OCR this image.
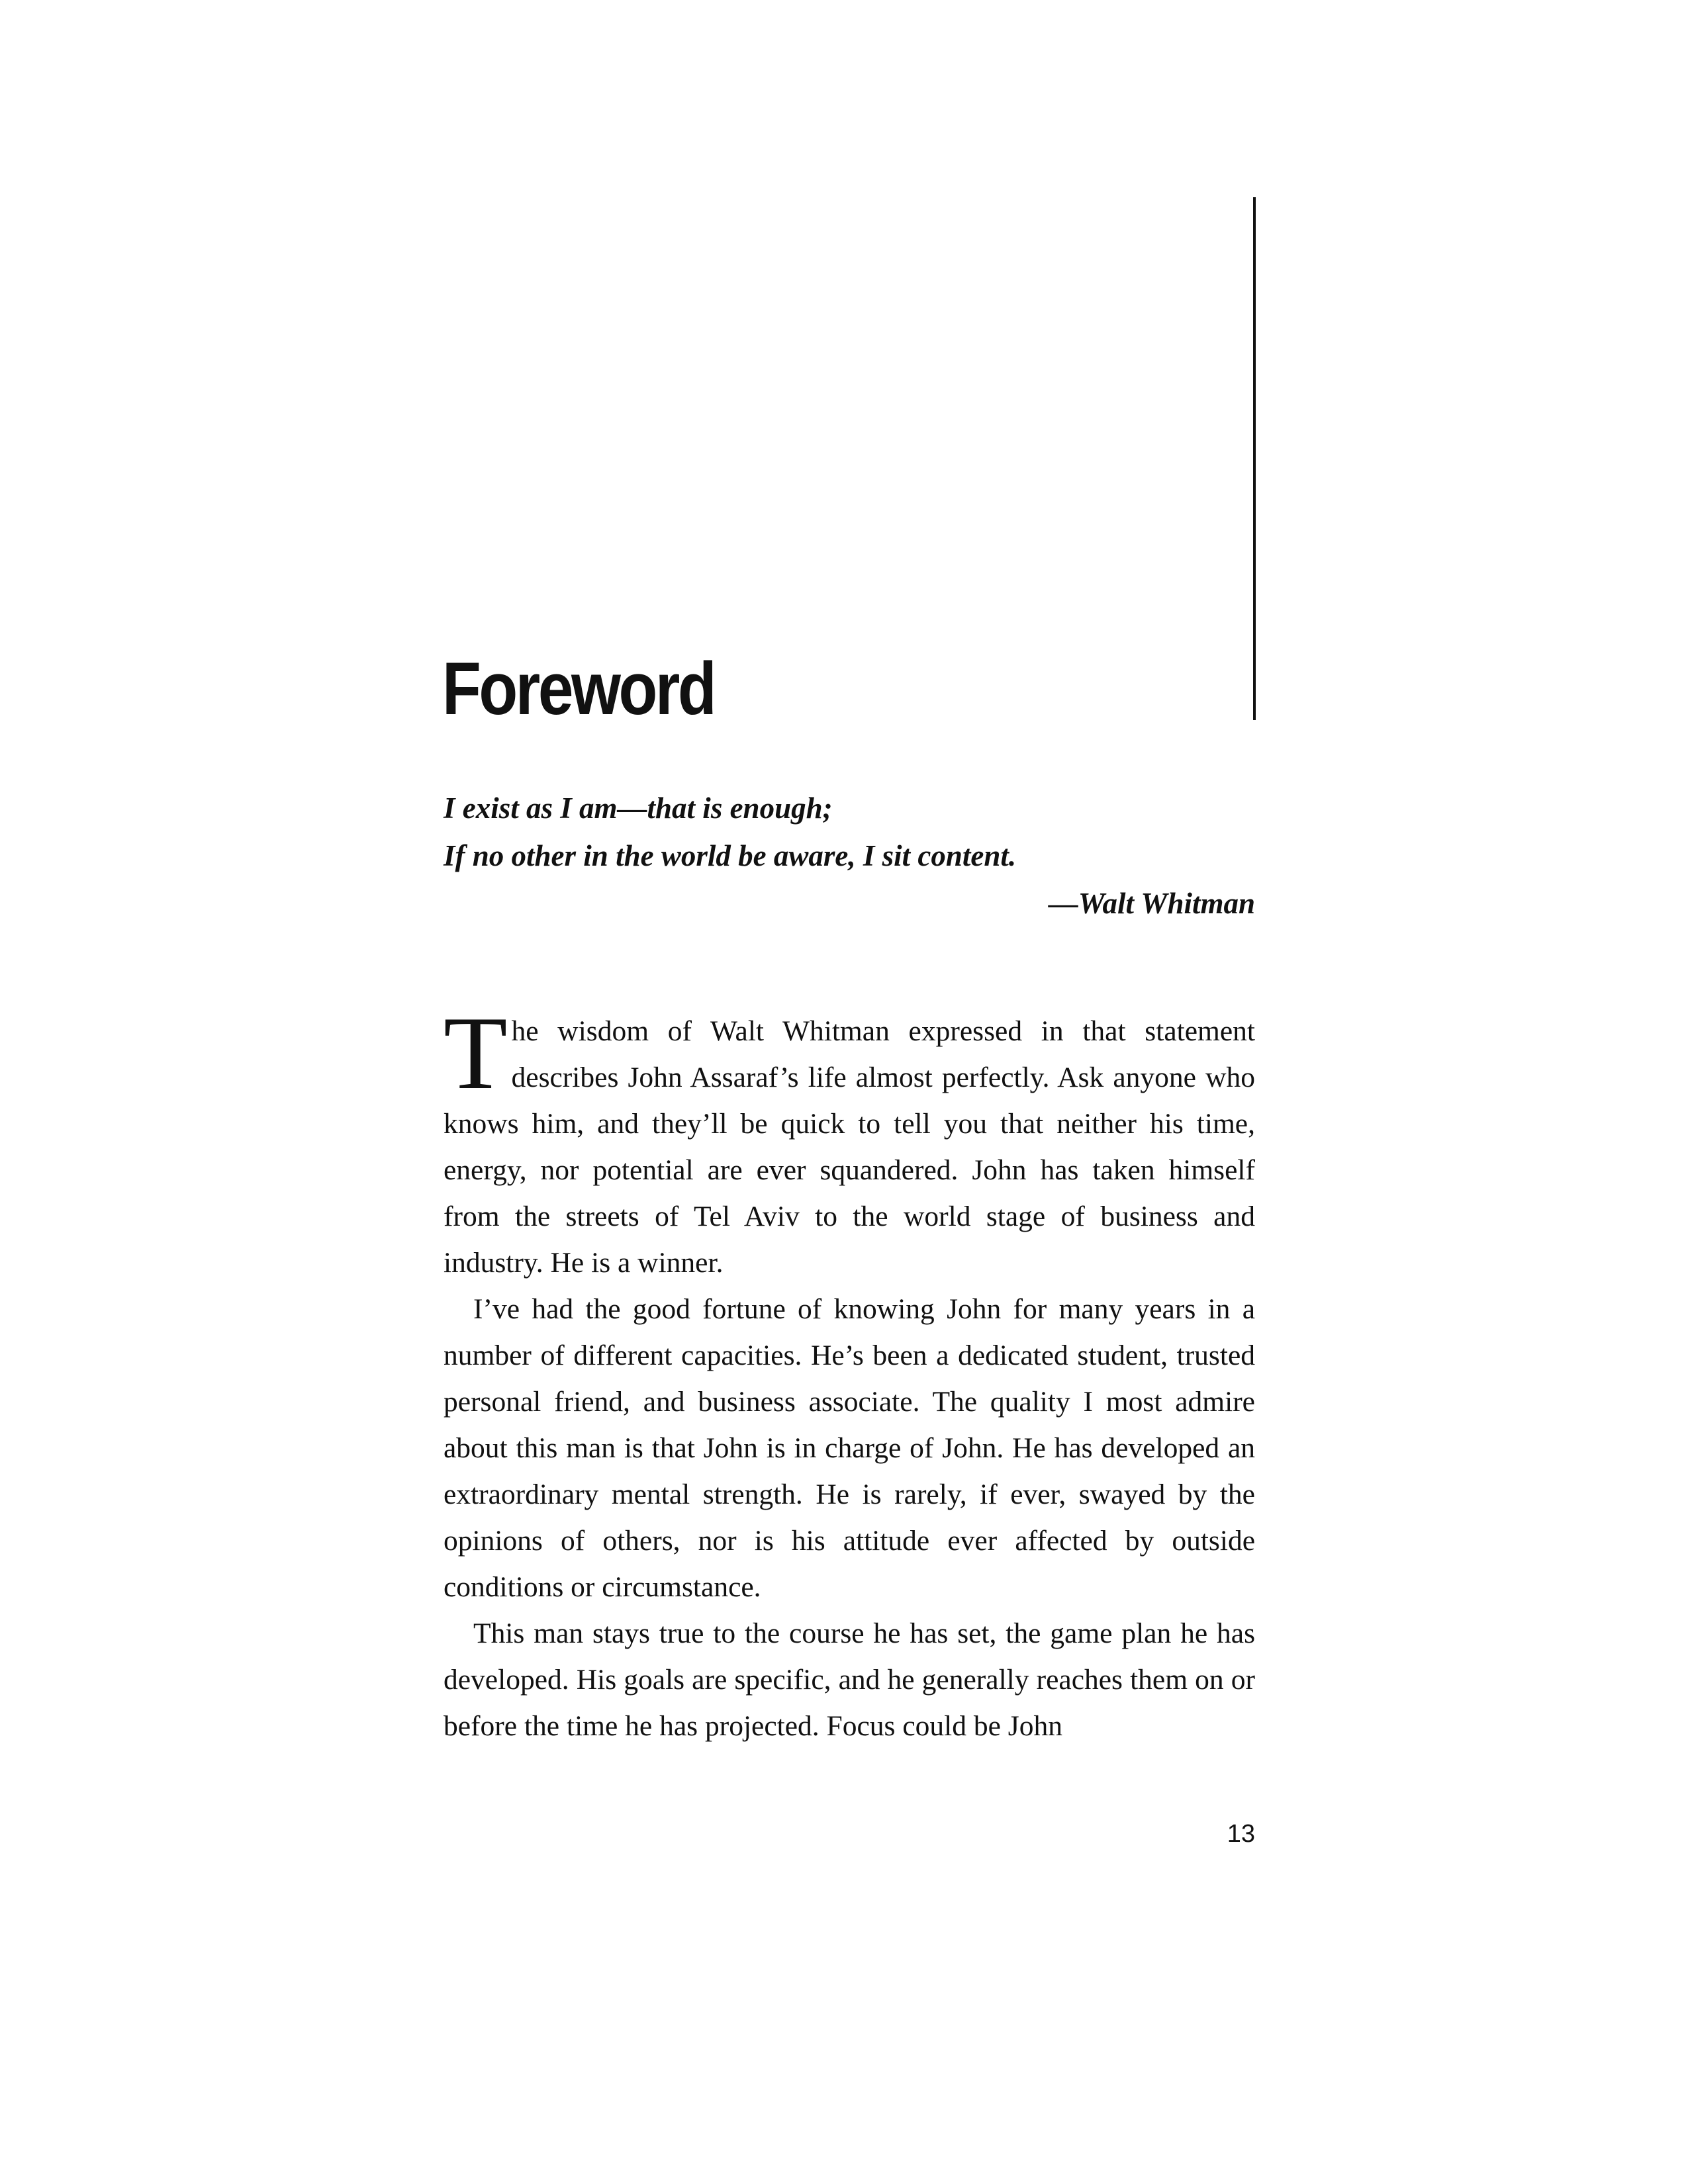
Foreword
I exist as I am—that is enough;
If no other in the world be aware, I sit content.
—Walt Whitman

The wisdom of Walt Whitman expressed in that statement describes John Assaraf’s life almost perfectly. Ask anyone who knows him, and they’ll be quick to tell you that neither his time, energy, nor potential are ever squandered. John has taken himself from the streets of Tel Aviv to the world stage of business and industry. He is a winner.

I’ve had the good fortune of knowing John for many years in a number of different capacities. He’s been a dedicated student, trusted personal friend, and business associate. The quality I most admire about this man is that John is in charge of John. He has developed an extraordinary mental strength. He is rarely, if ever, swayed by the opinions of others, nor is his attitude ever affected by outside conditions or circumstance.

This man stays true to the course he has set, the game plan he has developed. His goals are specific, and he generally reaches them on or before the time he has projected. Focus could be John

13
